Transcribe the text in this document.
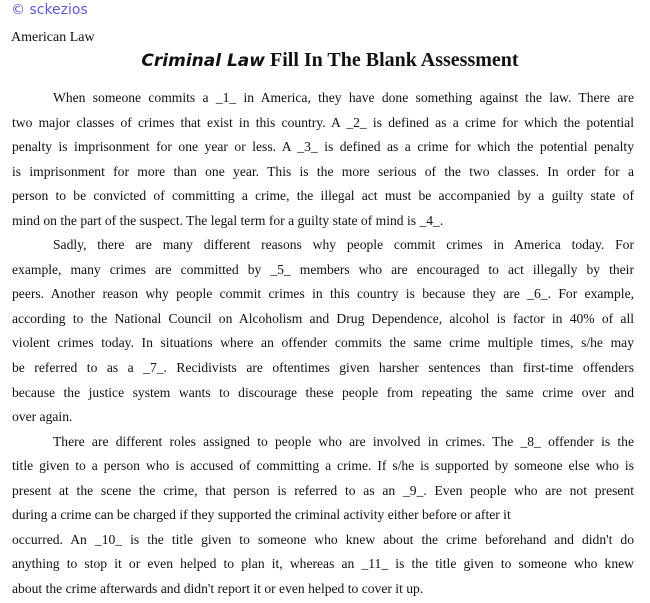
© sckezios
American Law
Criminal Law Fill In The Blank Assessment
When someone commits a _1_ in America, they have done something against the law. There are
two major classes of crimes that exist in this country. A _2_ is defined as a crime for which the potential
penalty is imprisonment for one year or less. A _3_ is defined as a crime for which the potential penalty
is imprisonment for more than one year. This is the more serious of the two classes. In order for a
person to be convicted of committing a crime, the illegal act must be accompanied by a guilty state of
mind on the part of the suspect. The legal term for a guilty state of mind is _4_.
Sadly, there are many different reasons why people commit crimes in America today. For
example, many crimes are committed by _5_ members who are encouraged to act illegally by their
peers. Another reason why people commit crimes in this country is because they are _6_. For example,
according to the National Council on Alcoholism and Drug Dependence, alcohol is factor in 40% of all
violent crimes today. In situations where an offender commits the same crime multiple times, s/he may
be referred to as a _7_. Recidivists are oftentimes given harsher sentences than first-time offenders
because the justice system wants to discourage these people from repeating the same crime over and
over again.
There are different roles assigned to people who are involved in crimes. The _8_ offender is the
title given to a person who is accused of committing a crime. If s/he is supported by someone else who is
present at the scene the crime, that person is referred to as an _9_. Even people who are not present
during a crime can be charged if they supported the criminal activity either before or after it
occurred. An _10_ is the title given to someone who knew about the crime beforehand and didn't do
anything to stop it or even helped to plan it, whereas an _11_ is the title given to someone who knew
about the crime afterwards and didn't report it or even helped to cover it up.
